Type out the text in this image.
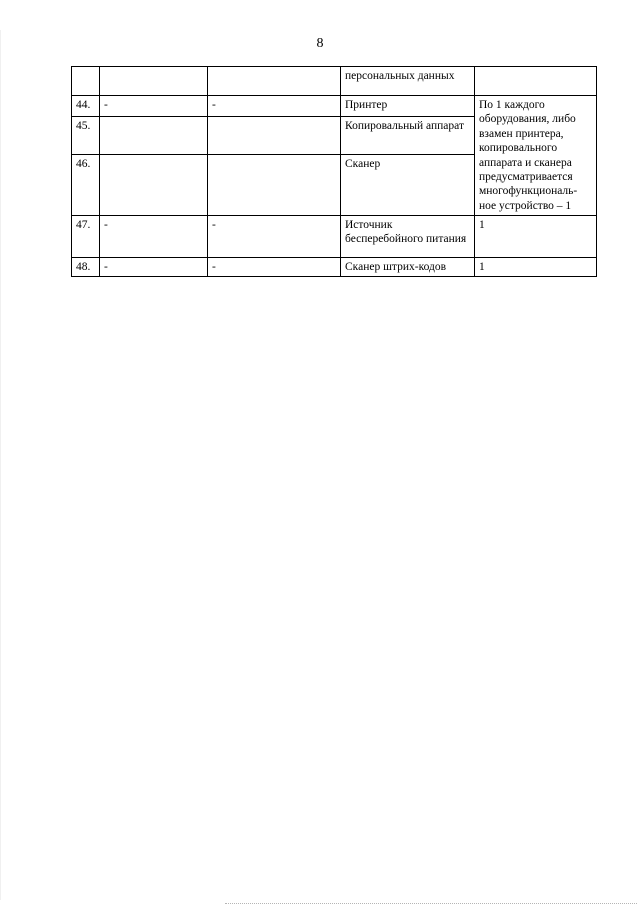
8
			персональных данных	
44.	-	-	Принтер	По 1 каждого оборудования, либо взамен принтера, копировального аппарата и сканера предусматривается многофункциональ-ное устройство – 1
45.			Копировальный аппарат	
46.			Сканер	
47.	-	-	Источник бесперебойного питания	1
48.	-	-	Сканер штрих-кодов	1
